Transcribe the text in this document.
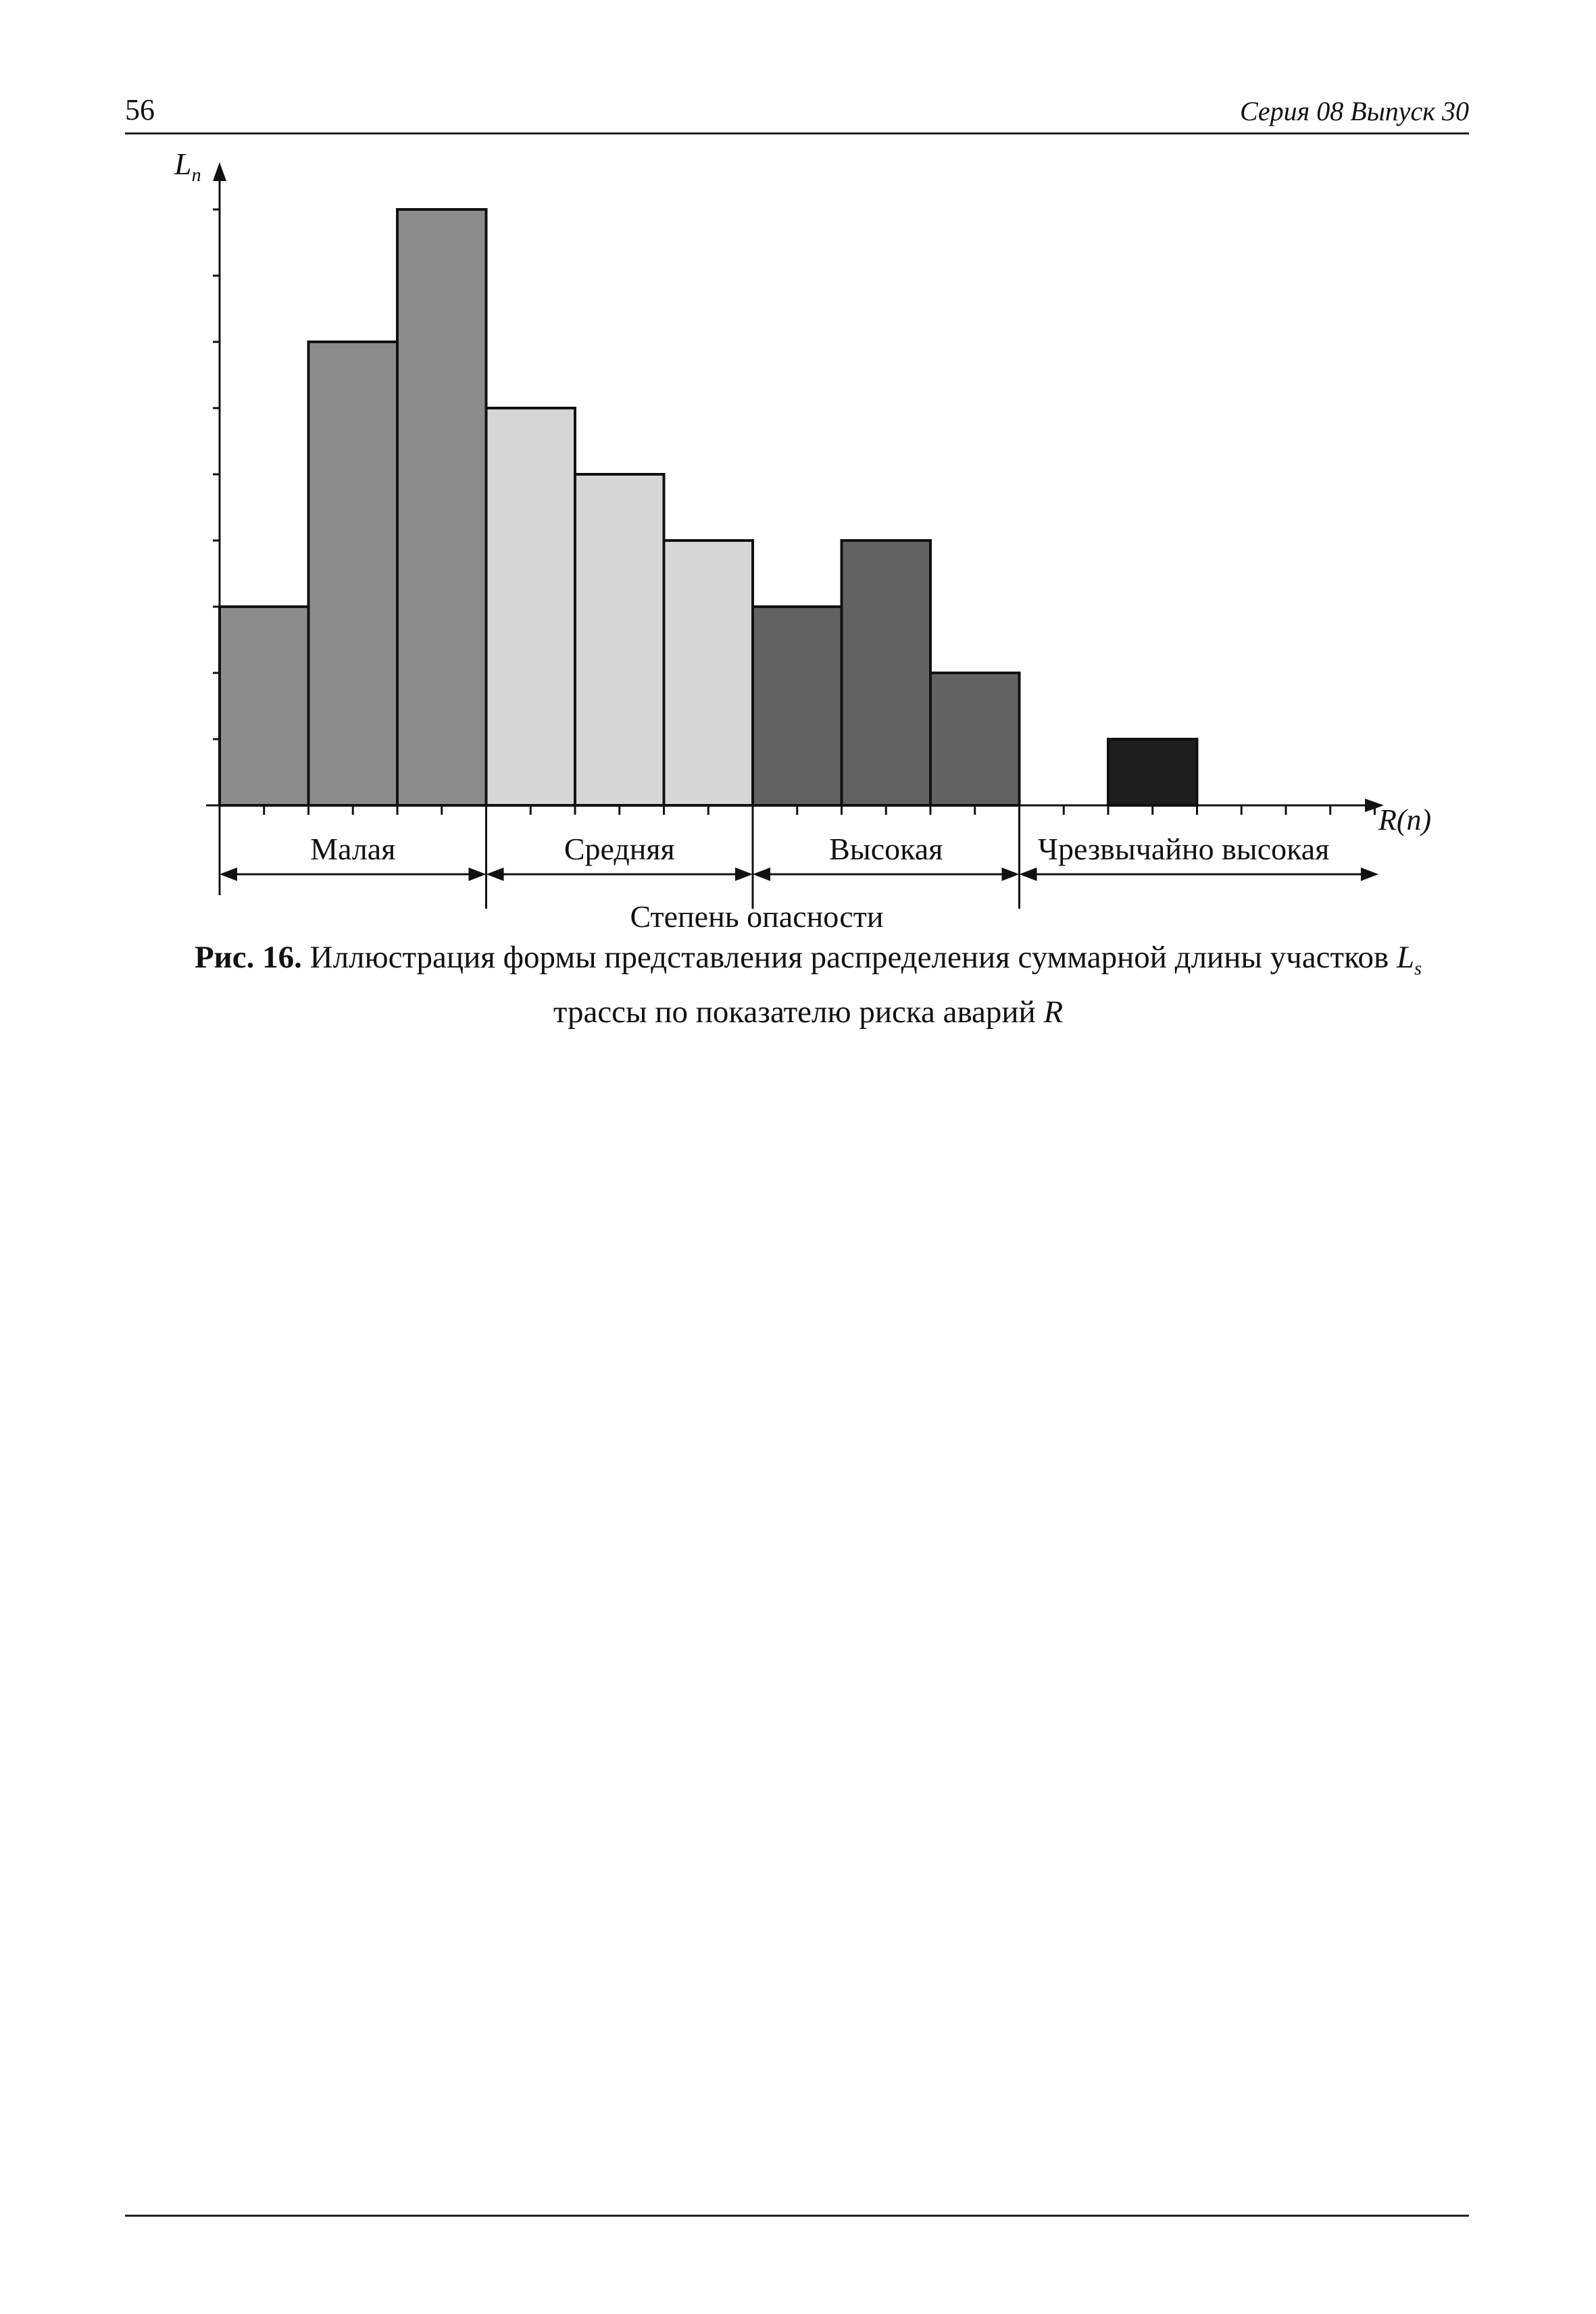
56	Серия 08 Выпуск 30
$L_n$
R(n)
Малая	Средняя	Высокая	Чрезвычайно высокая
Степень опасности
Рис. 16. Иллюстрация формы представления распределения суммарной длины участков $L_s$
трассы по показателю риска аварий R
